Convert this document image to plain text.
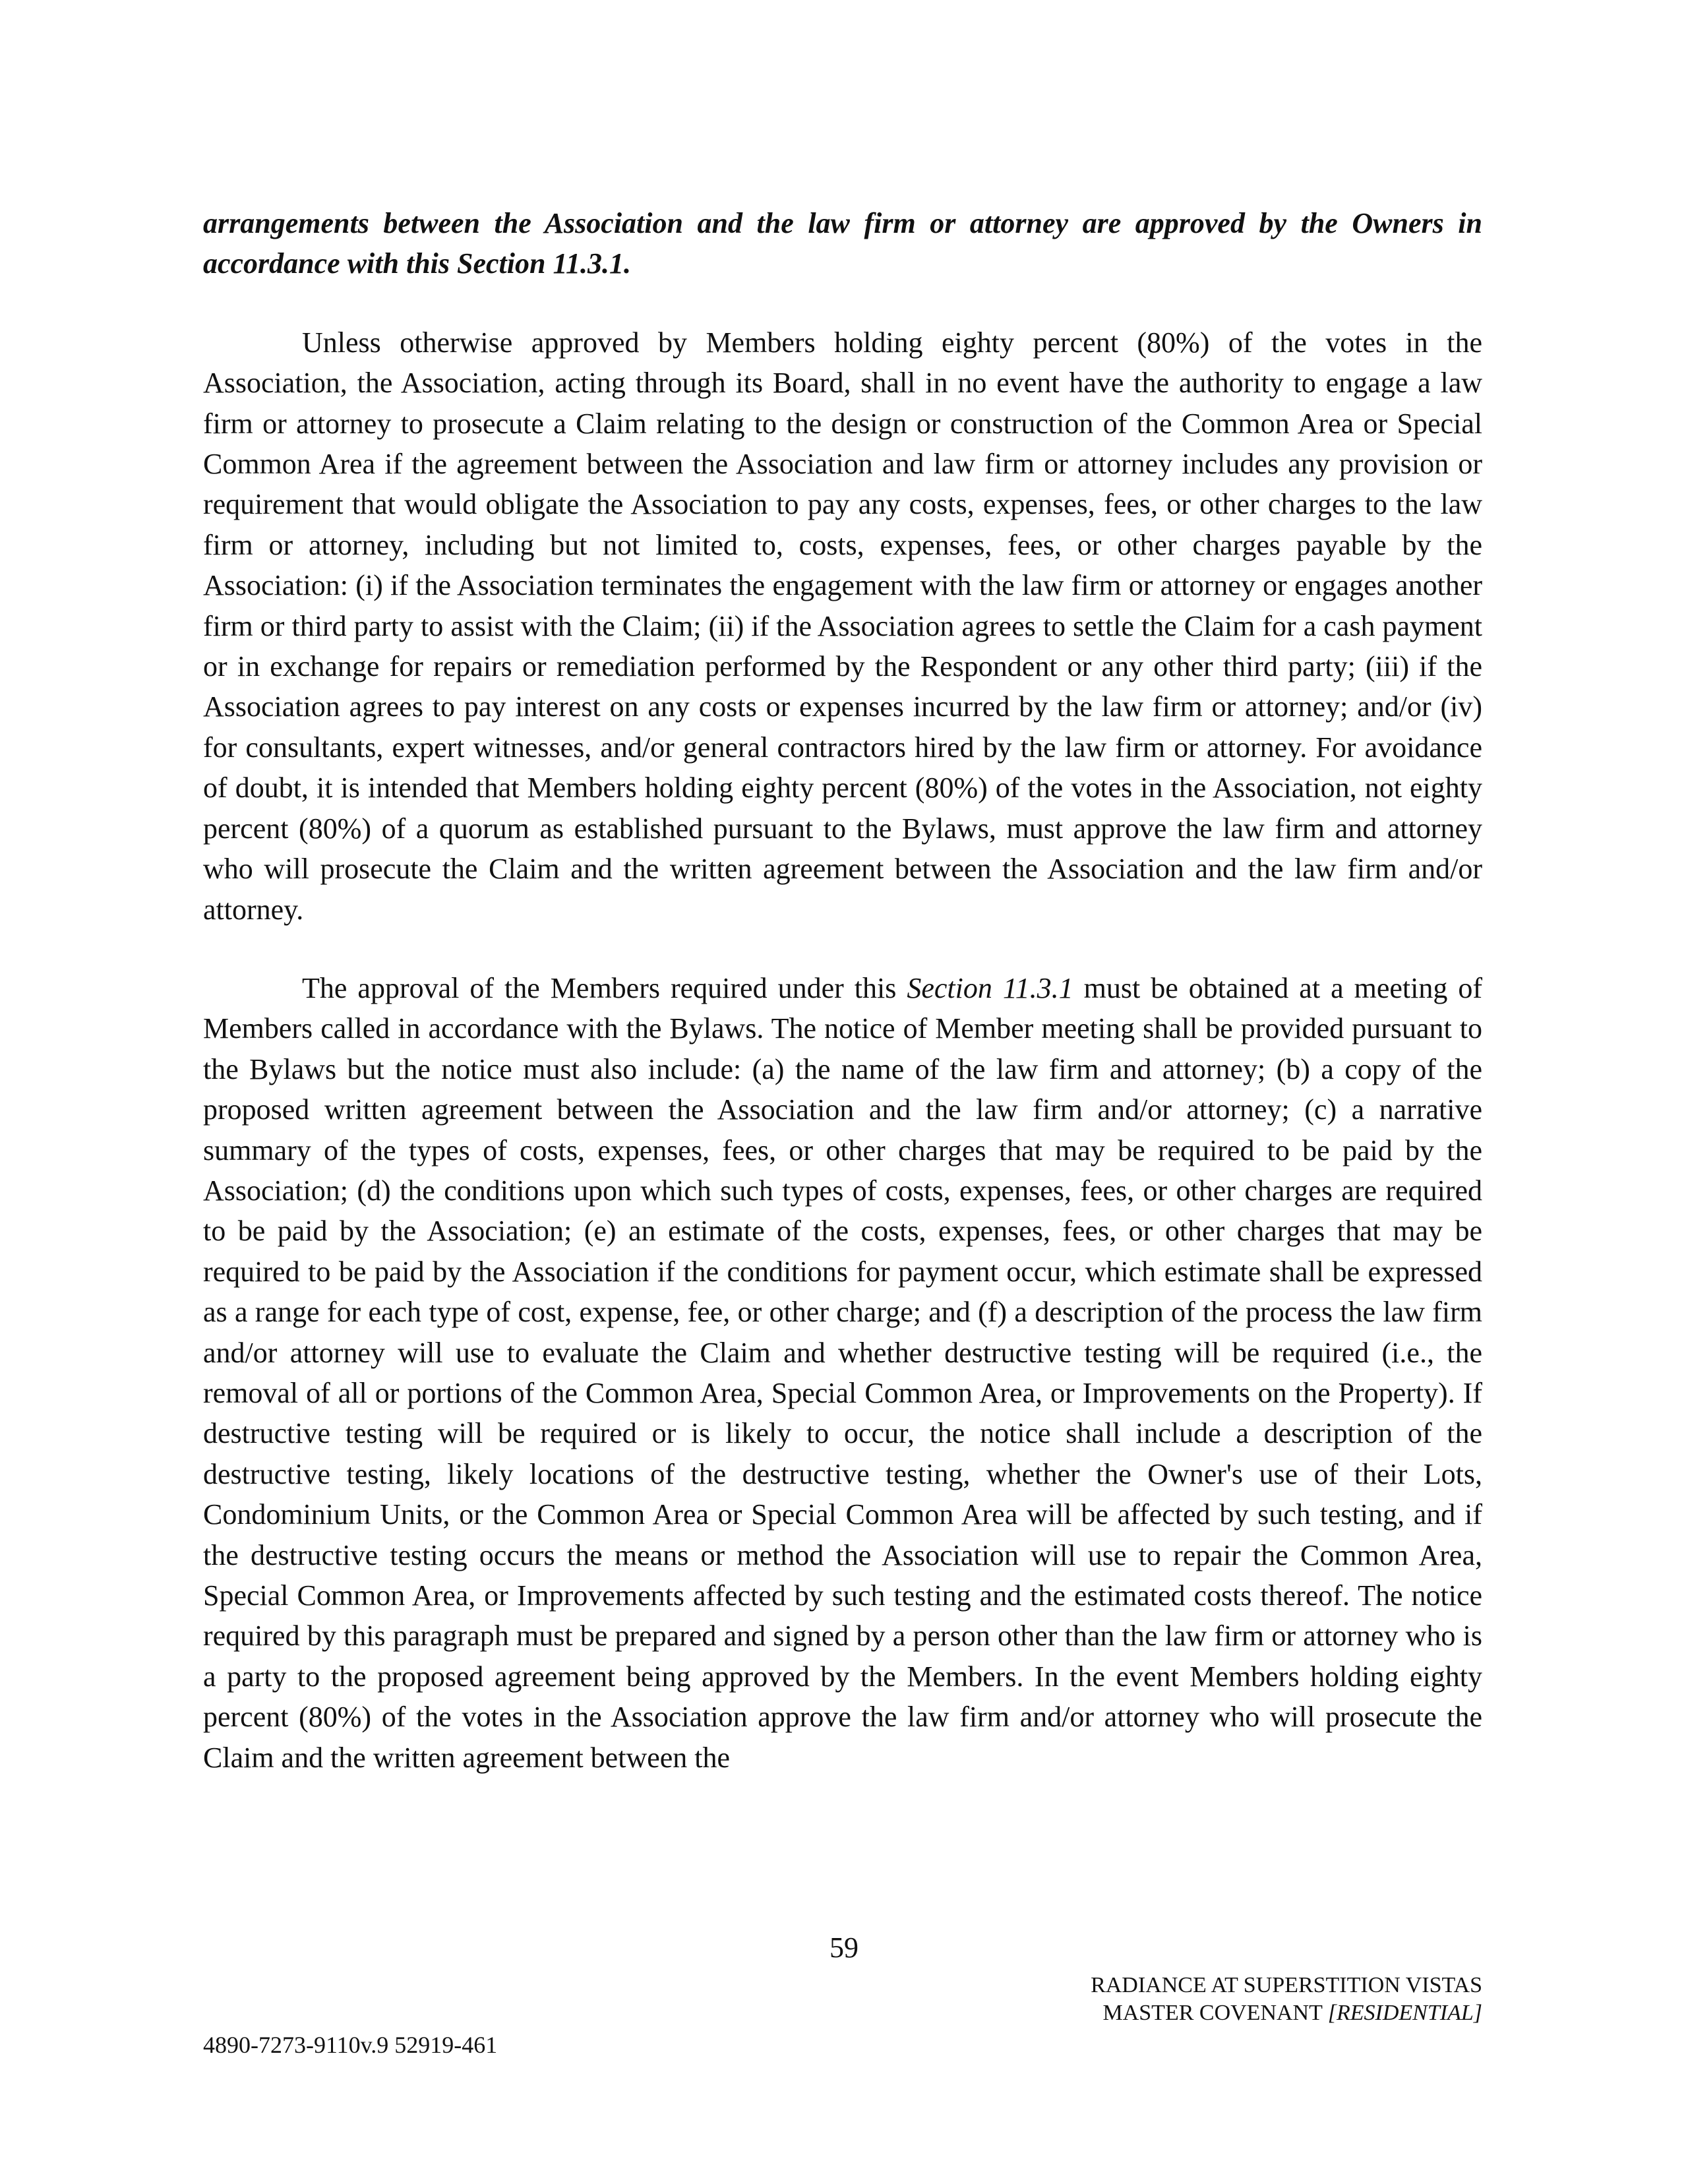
arrangements between the Association and the law firm or attorney are approved by the Owners in accordance with this Section 11.3.1.

Unless otherwise approved by Members holding eighty percent (80%) of the votes in the Association, the Association, acting through its Board, shall in no event have the authority to engage a law firm or attorney to prosecute a Claim relating to the design or construction of the Common Area or Special Common Area if the agreement between the Association and law firm or attorney includes any provision or requirement that would obligate the Association to pay any costs, expenses, fees, or other charges to the law firm or attorney, including but not limited to, costs, expenses, fees, or other charges payable by the Association: (i) if the Association terminates the engagement with the law firm or attorney or engages another firm or third party to assist with the Claim; (ii) if the Association agrees to settle the Claim for a cash payment or in exchange for repairs or remediation performed by the Respondent or any other third party; (iii) if the Association agrees to pay interest on any costs or expenses incurred by the law firm or attorney; and/or (iv) for consultants, expert witnesses, and/or general contractors hired by the law firm or attorney. For avoidance of doubt, it is intended that Members holding eighty percent (80%) of the votes in the Association, not eighty percent (80%) of a quorum as established pursuant to the Bylaws, must approve the law firm and attorney who will prosecute the Claim and the written agreement between the Association and the law firm and/or attorney.

The approval of the Members required under this Section 11.3.1 must be obtained at a meeting of Members called in accordance with the Bylaws. The notice of Member meeting shall be provided pursuant to the Bylaws but the notice must also include: (a) the name of the law firm and attorney; (b) a copy of the proposed written agreement between the Association and the law firm and/or attorney; (c) a narrative summary of the types of costs, expenses, fees, or other charges that may be required to be paid by the Association; (d) the conditions upon which such types of costs, expenses, fees, or other charges are required to be paid by the Association; (e) an estimate of the costs, expenses, fees, or other charges that may be required to be paid by the Association if the conditions for payment occur, which estimate shall be expressed as a range for each type of cost, expense, fee, or other charge; and (f) a description of the process the law firm and/or attorney will use to evaluate the Claim and whether destructive testing will be required (i.e., the removal of all or portions of the Common Area, Special Common Area, or Improvements on the Property). If destructive testing will be required or is likely to occur, the notice shall include a description of the destructive testing, likely locations of the destructive testing, whether the Owner's use of their Lots, Condominium Units, or the Common Area or Special Common Area will be affected by such testing, and if the destructive testing occurs the means or method the Association will use to repair the Common Area, Special Common Area, or Improvements affected by such testing and the estimated costs thereof. The notice required by this paragraph must be prepared and signed by a person other than the law firm or attorney who is a party to the proposed agreement being approved by the Members. In the event Members holding eighty percent (80%) of the votes in the Association approve the law firm and/or attorney who will prosecute the Claim and the written agreement between the

59
RADIANCE AT SUPERSTITION VISTAS
MASTER COVENANT [RESIDENTIAL]
4890-7273-9110v.9 52919-461
